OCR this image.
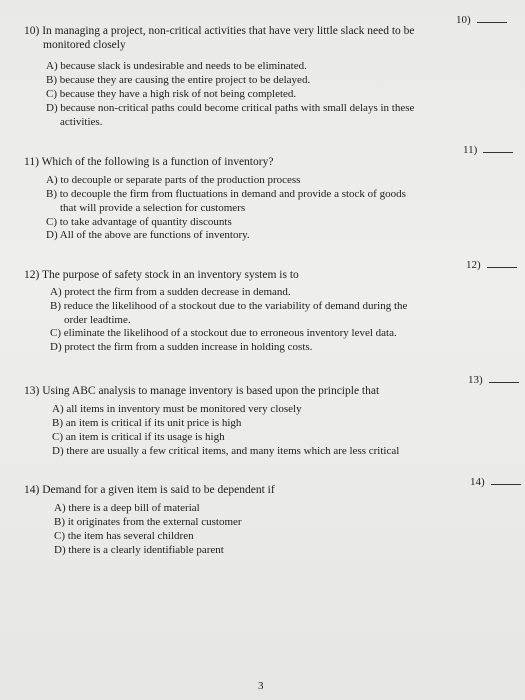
10) In managing a project, non-critical activities that have very little slack need to be
monitored closely
10)
A) because slack is undesirable and needs to be eliminated.
B) because they are causing the entire project to be delayed.
C) because they have a high risk of not being completed.
D) because non-critical paths could become critical paths with small delays in these
activities.
11) Which of the following is a function of inventory?
11)
A) to decouple or separate parts of the production process
B) to decouple the firm from fluctuations in demand and provide a stock of goods
that will provide a selection for customers
C) to take advantage of quantity discounts
D) All of the above are functions of inventory.
12) The purpose of safety stock in an inventory system is to
12)
A) protect the firm from a sudden decrease in demand.
B) reduce the likelihood of a stockout due to the variability of demand during the
order leadtime.
C) eliminate the likelihood of a stockout due to erroneous inventory level data.
D) protect the firm from a sudden increase in holding costs.
13) Using ABC analysis to manage inventory is based upon the principle that
13)
A) all items in inventory must be monitored very closely
B) an item is critical if its unit price is high
C) an item is critical if its usage is high
D) there are usually a few critical items, and many items which are less critical
14) Demand for a given item is said to be dependent if
14)
A) there is a deep bill of material
B) it originates from the external customer
C) the item has several children
D) there is a clearly identifiable parent
3
